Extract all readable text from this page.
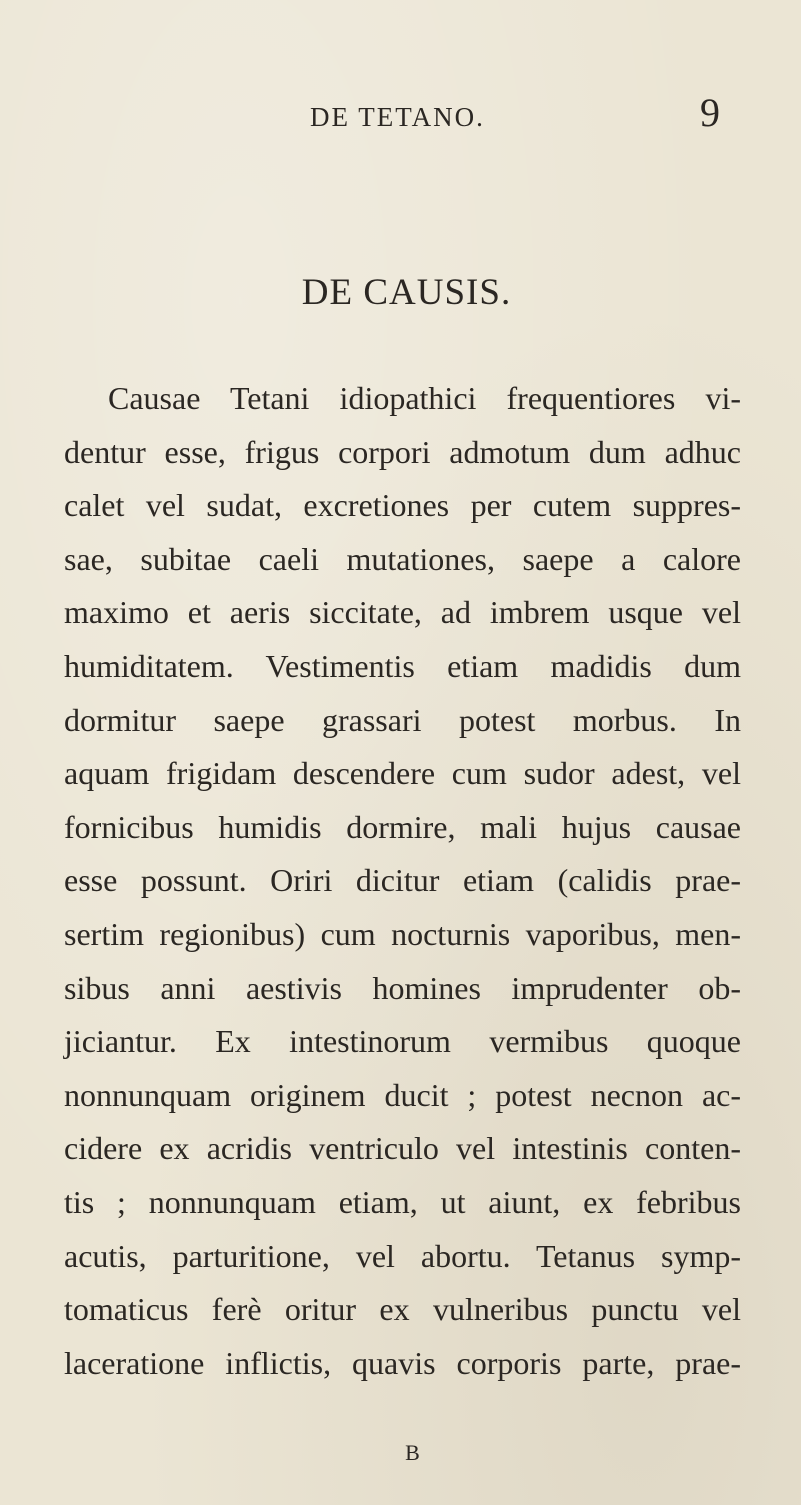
DE TETANO.	9
DE CAUSIS.
Causae Tetani idiopathici frequentiores vi-
dentur esse, frigus corpori admotum dum adhuc
calet vel sudat, excretiones per cutem suppres-
sae, subitae caeli mutationes, saepe a calore
maximo et aeris siccitate, ad imbrem usque vel
humiditatem. Vestimentis etiam madidis dum
dormitur saepe grassari potest morbus. In
aquam frigidam descendere cum sudor adest, vel
fornicibus humidis dormire, mali hujus causae
esse possunt. Oriri dicitur etiam (calidis prae-
sertim regionibus) cum nocturnis vaporibus, men-
sibus anni aestivis homines imprudenter ob-
jiciantur. Ex intestinorum vermibus quoque
nonnunquam originem ducit ; potest necnon ac-
cidere ex acridis ventriculo vel intestinis conten-
tis ; nonnunquam etiam, ut aiunt, ex febribus
acutis, parturitione, vel abortu. Tetanus symp-
tomaticus ferè oritur ex vulneribus punctu vel
laceratione inflictis, quavis corporis parte, prae-
B
